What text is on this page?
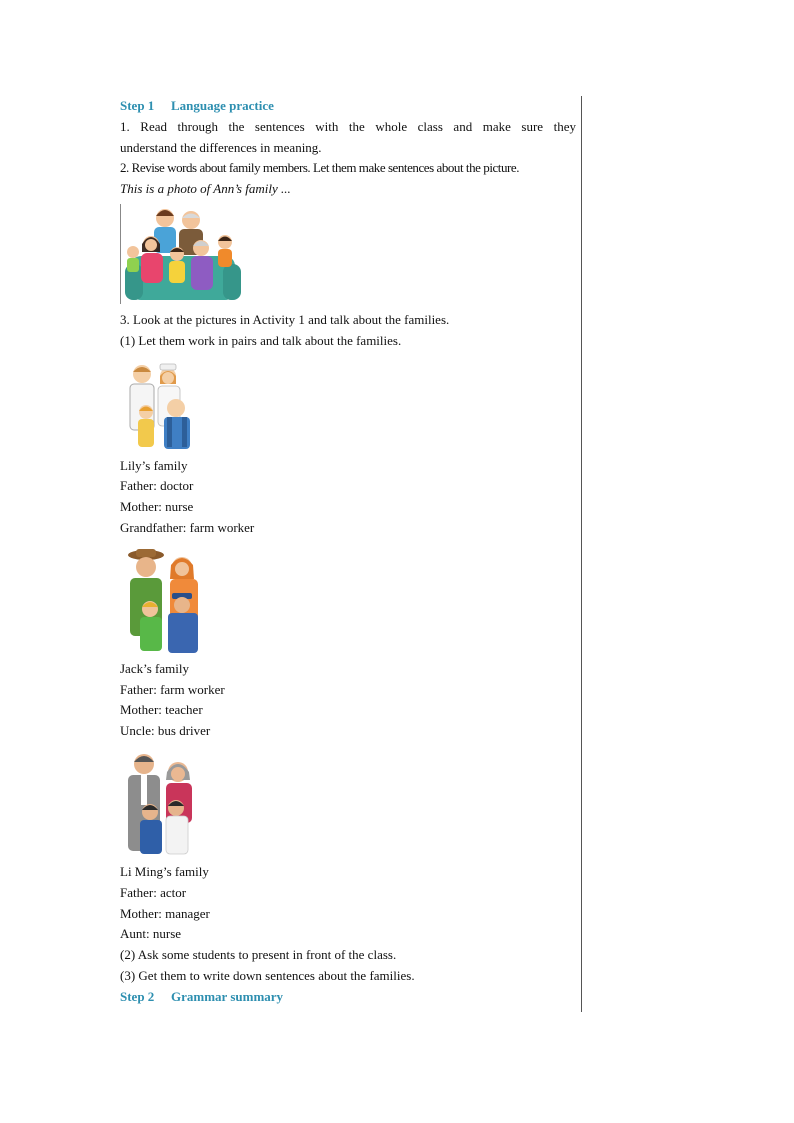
Step 1 Language practice

1. Read through the sentences with the whole class and make sure they

understand the differences in meaning.

2. Revise words about family members. Let them make sentences about the picture.

This is a photo of Ann’s family ...

3. Look at the pictures in Activity 1 and talk about the families.

(1) Let them work in pairs and talk about the families.

Lily’s family

Father: doctor

Mother: nurse

Grandfather: farm worker

Jack’s family

Father: farm worker

Mother: teacher

Uncle: bus driver

Li Ming’s family

Father: actor

Mother: manager

Aunt: nurse

(2) Ask some students to present in front of the class.

(3) Get them to write down sentences about the families.

Step 2 Grammar summary
